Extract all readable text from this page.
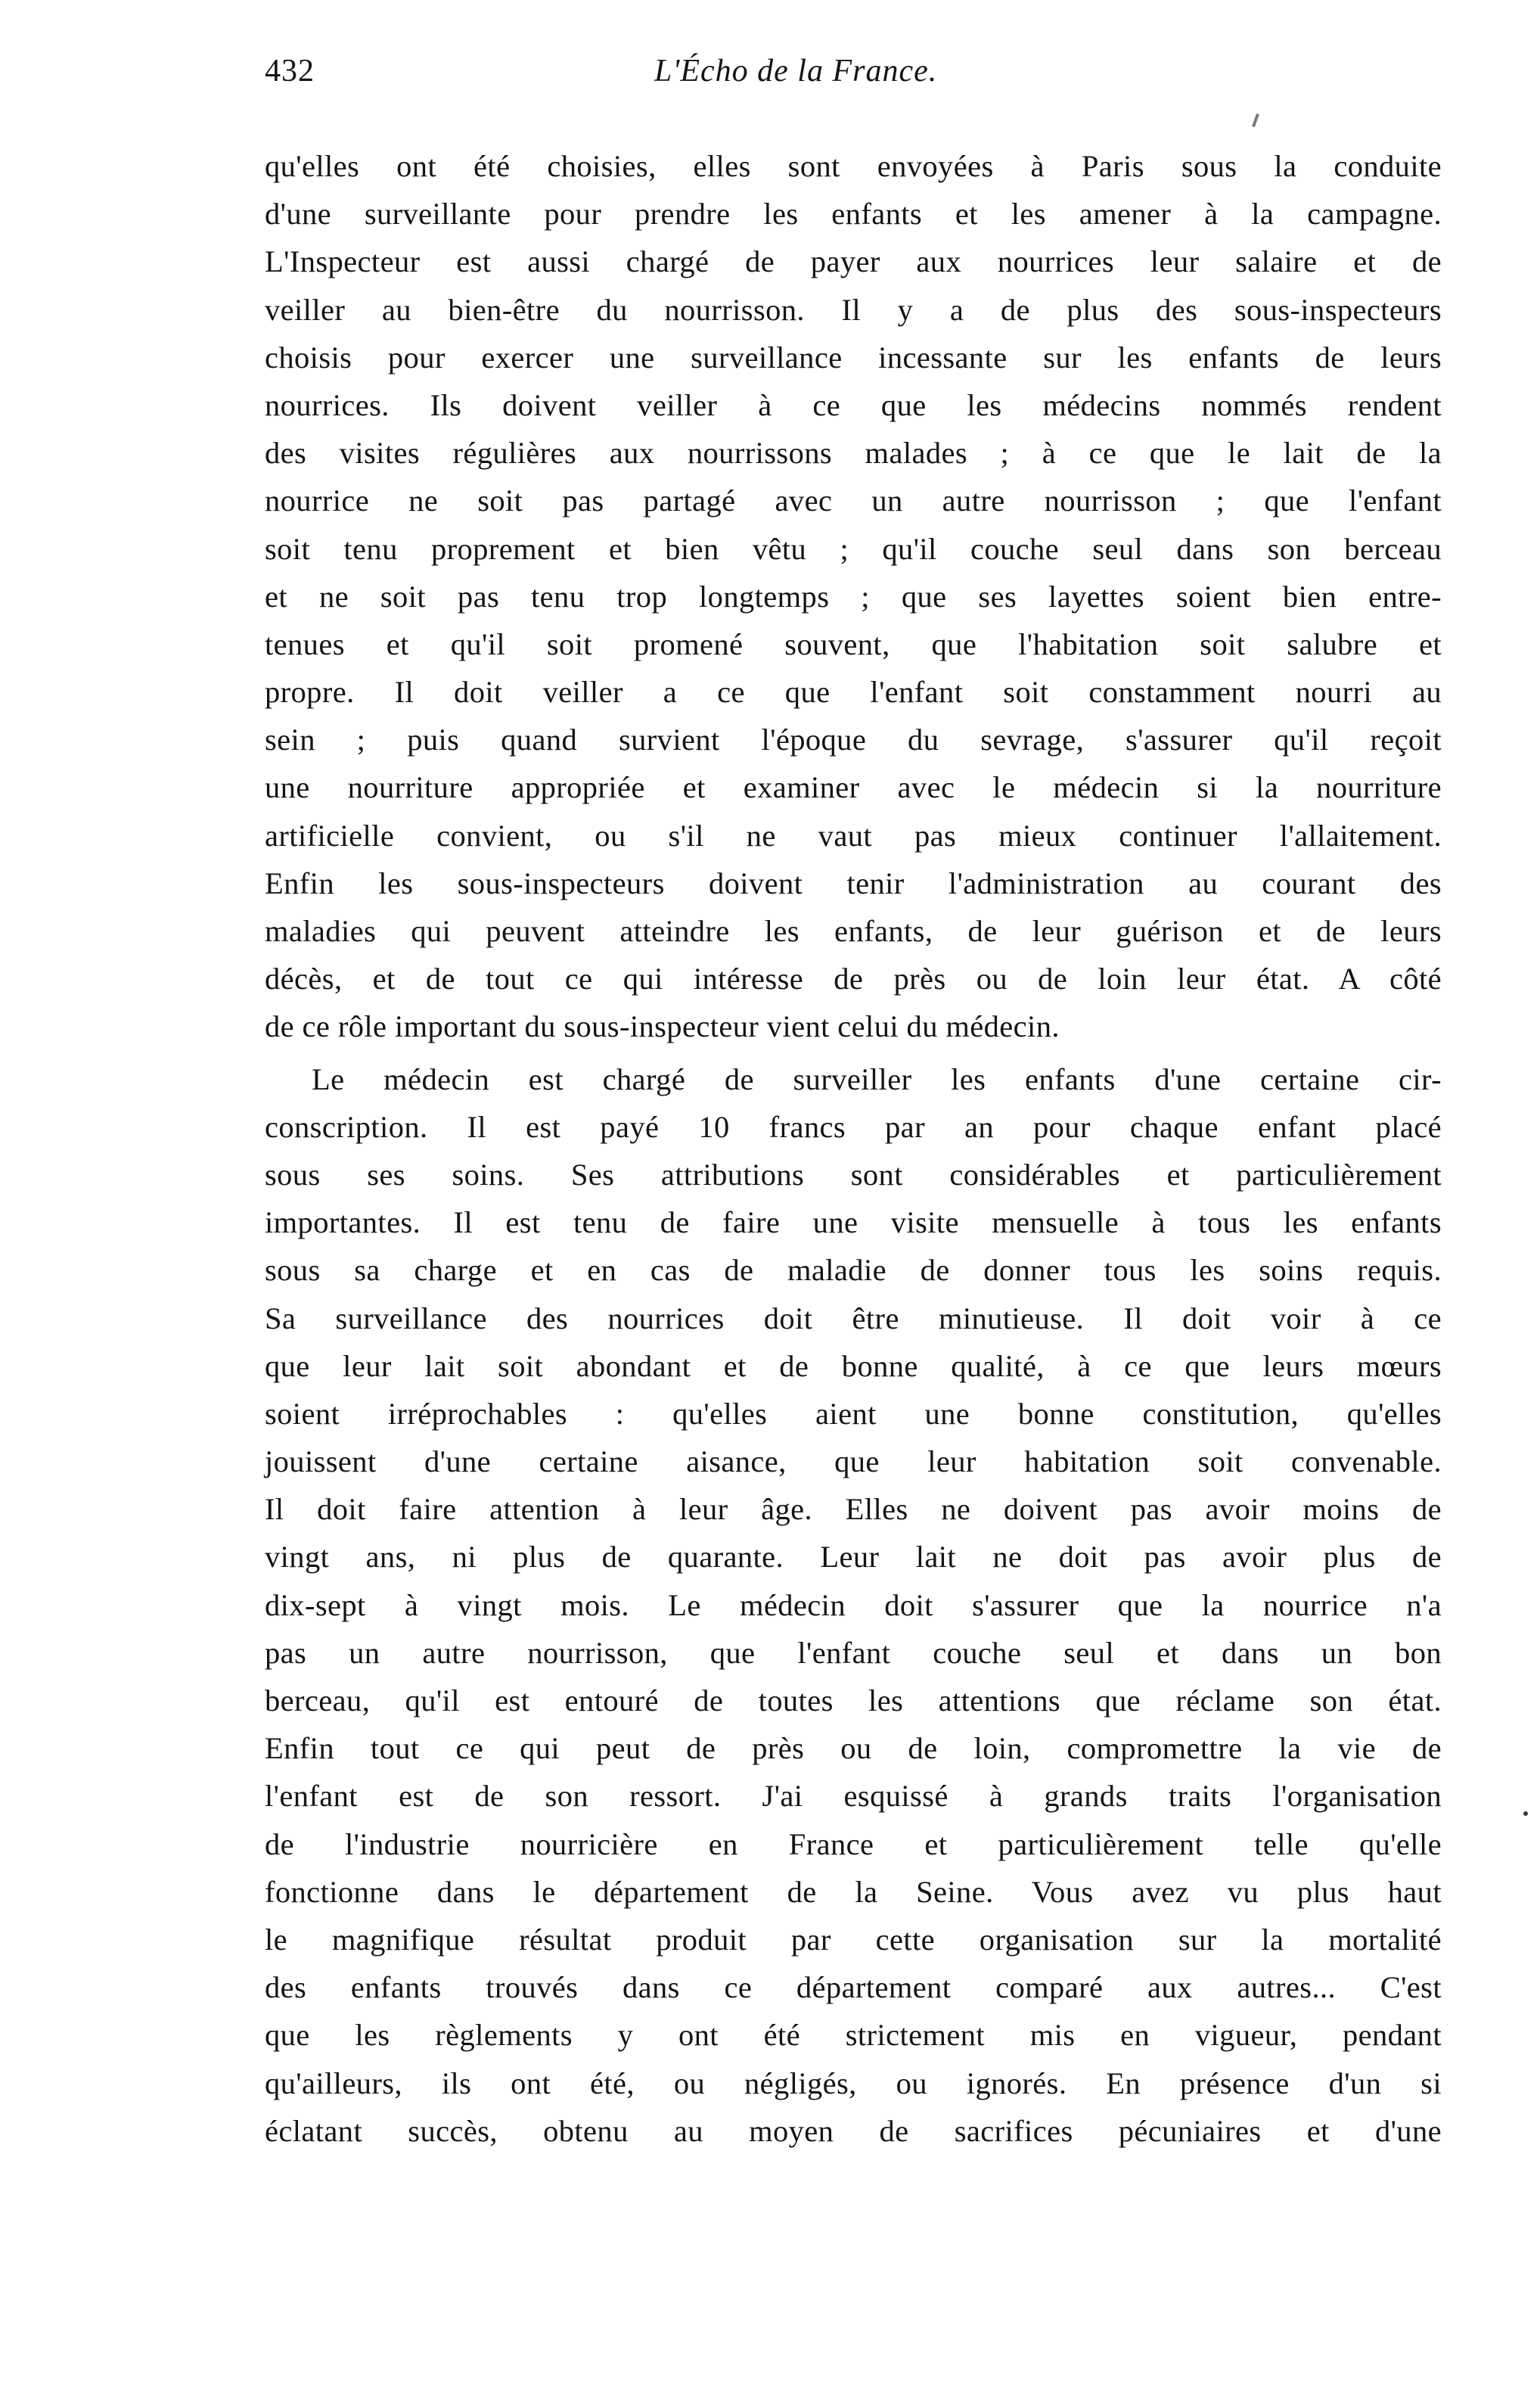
432	L'Écho de la France.
qu'elles ont été choisies, elles sont envoyées à Paris sous la conduite
d'une surveillante pour prendre les enfants et les amener à la campagne.
L'Inspecteur est aussi chargé de payer aux nourrices leur salaire et de
veiller au bien-être du nourrisson. Il y a de plus des sous-inspecteurs
choisis pour exercer une surveillance incessante sur les enfants de leurs
nourrices. Ils doivent veiller à ce que les médecins nommés rendent
des visites régulières aux nourrissons malades ; à ce que le lait de la
nourrice ne soit pas partagé avec un autre nourrisson ; que l'enfant
soit tenu proprement et bien vêtu ; qu'il couche seul dans son berceau
et ne soit pas tenu trop longtemps ; que ses layettes soient bien entre-
tenues et qu'il soit promené souvent, que l'habitation soit salubre et
propre. Il doit veiller a ce que l'enfant soit constamment nourri au
sein ; puis quand survient l'époque du sevrage, s'assurer qu'il reçoit
une nourriture appropriée et examiner avec le médecin si la nourriture
artificielle convient, ou s'il ne vaut pas mieux continuer l'allaitement.
Enfin les sous-inspecteurs doivent tenir l'administration au courant des
maladies qui peuvent atteindre les enfants, de leur guérison et de leurs
décès, et de tout ce qui intéresse de près ou de loin leur état. A côté
de ce rôle important du sous-inspecteur vient celui du médecin.
Le médecin est chargé de surveiller les enfants d'une certaine cir-
conscription. Il est payé 10 francs par an pour chaque enfant placé
sous ses soins. Ses attributions sont considérables et particulièrement
importantes. Il est tenu de faire une visite mensuelle à tous les enfants
sous sa charge et en cas de maladie de donner tous les soins requis.
Sa surveillance des nourrices doit être minutieuse. Il doit voir à ce
que leur lait soit abondant et de bonne qualité, à ce que leurs mœurs
soient irréprochables : qu'elles aient une bonne constitution, qu'elles
jouissent d'une certaine aisance, que leur habitation soit convenable.
Il doit faire attention à leur âge. Elles ne doivent pas avoir moins de
vingt ans, ni plus de quarante. Leur lait ne doit pas avoir plus de
dix-sept à vingt mois. Le médecin doit s'assurer que la nourrice n'a
pas un autre nourrisson, que l'enfant couche seul et dans un bon
berceau, qu'il est entouré de toutes les attentions que réclame son état.
Enfin tout ce qui peut de près ou de loin, compromettre la vie de
l'enfant est de son ressort. J'ai esquissé à grands traits l'organisation
de l'industrie nourricière en France et particulièrement telle qu'elle
fonctionne dans le département de la Seine. Vous avez vu plus haut
le magnifique résultat produit par cette organisation sur la mortalité
des enfants trouvés dans ce département comparé aux autres... C'est
que les règlements y ont été strictement mis en vigueur, pendant
qu'ailleurs, ils ont été, ou négligés, ou ignorés. En présence d'un si
éclatant succès, obtenu au moyen de sacrifices pécuniaires et d'une
